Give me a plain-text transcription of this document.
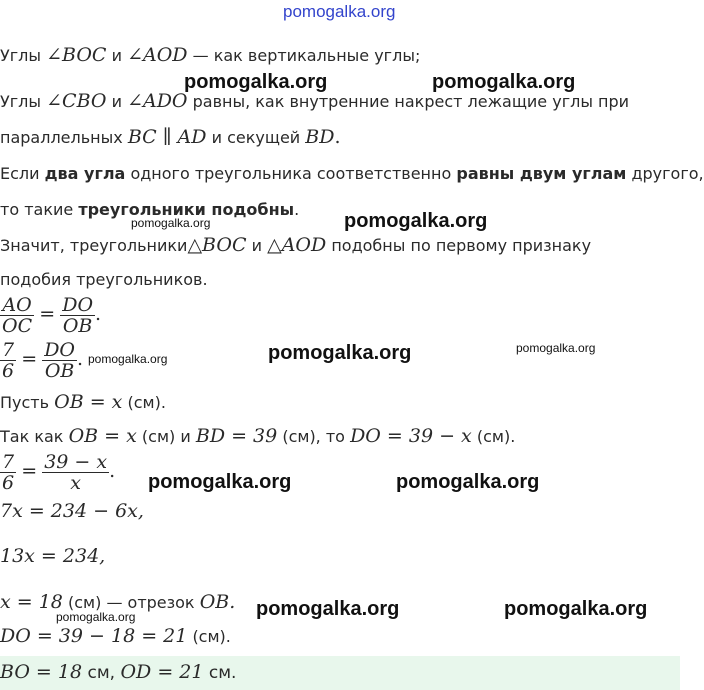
pomogalka.org
Углы ∠BOC и ∠AOD — как вертикальные углы;
pomogalka.org	pomogalka.org
Углы ∠CBO и ∠ADO равны, как внутренние накрест лежащие углы при
параллельных BC ∥ AD и секущей BD.
Если два угла одного треугольника соответственно равны двум углам другого,
то такие треугольники подобны.
pomogalka.org	pomogalka.org
Значит, треугольники△BOC и △AOD подобны по первому признаку
подобия треугольников.
$\frac{AO}{OC} = \frac{DO}{OB}$ .
$\frac{7}{6} = \frac{DO}{OB}$ . pomogalka.org	pomogalka.org	pomogalka.org
Пусть OB = x (см).
Так как OB = x (см) и BD = 39 (см), то DO = 39 − x (см).
$\frac{7}{6} = \frac{39 - x}{x}$ . pomogalka.org	pomogalka.org
7x = 234 − 6x,
13x = 234,
x = 18 (см) — отрезок OB. pomogalka.org	pomogalka.org
pomogalka.org
DO = 39 − 18 = 21 (см).
BO = 18 см, OD = 21 см.
